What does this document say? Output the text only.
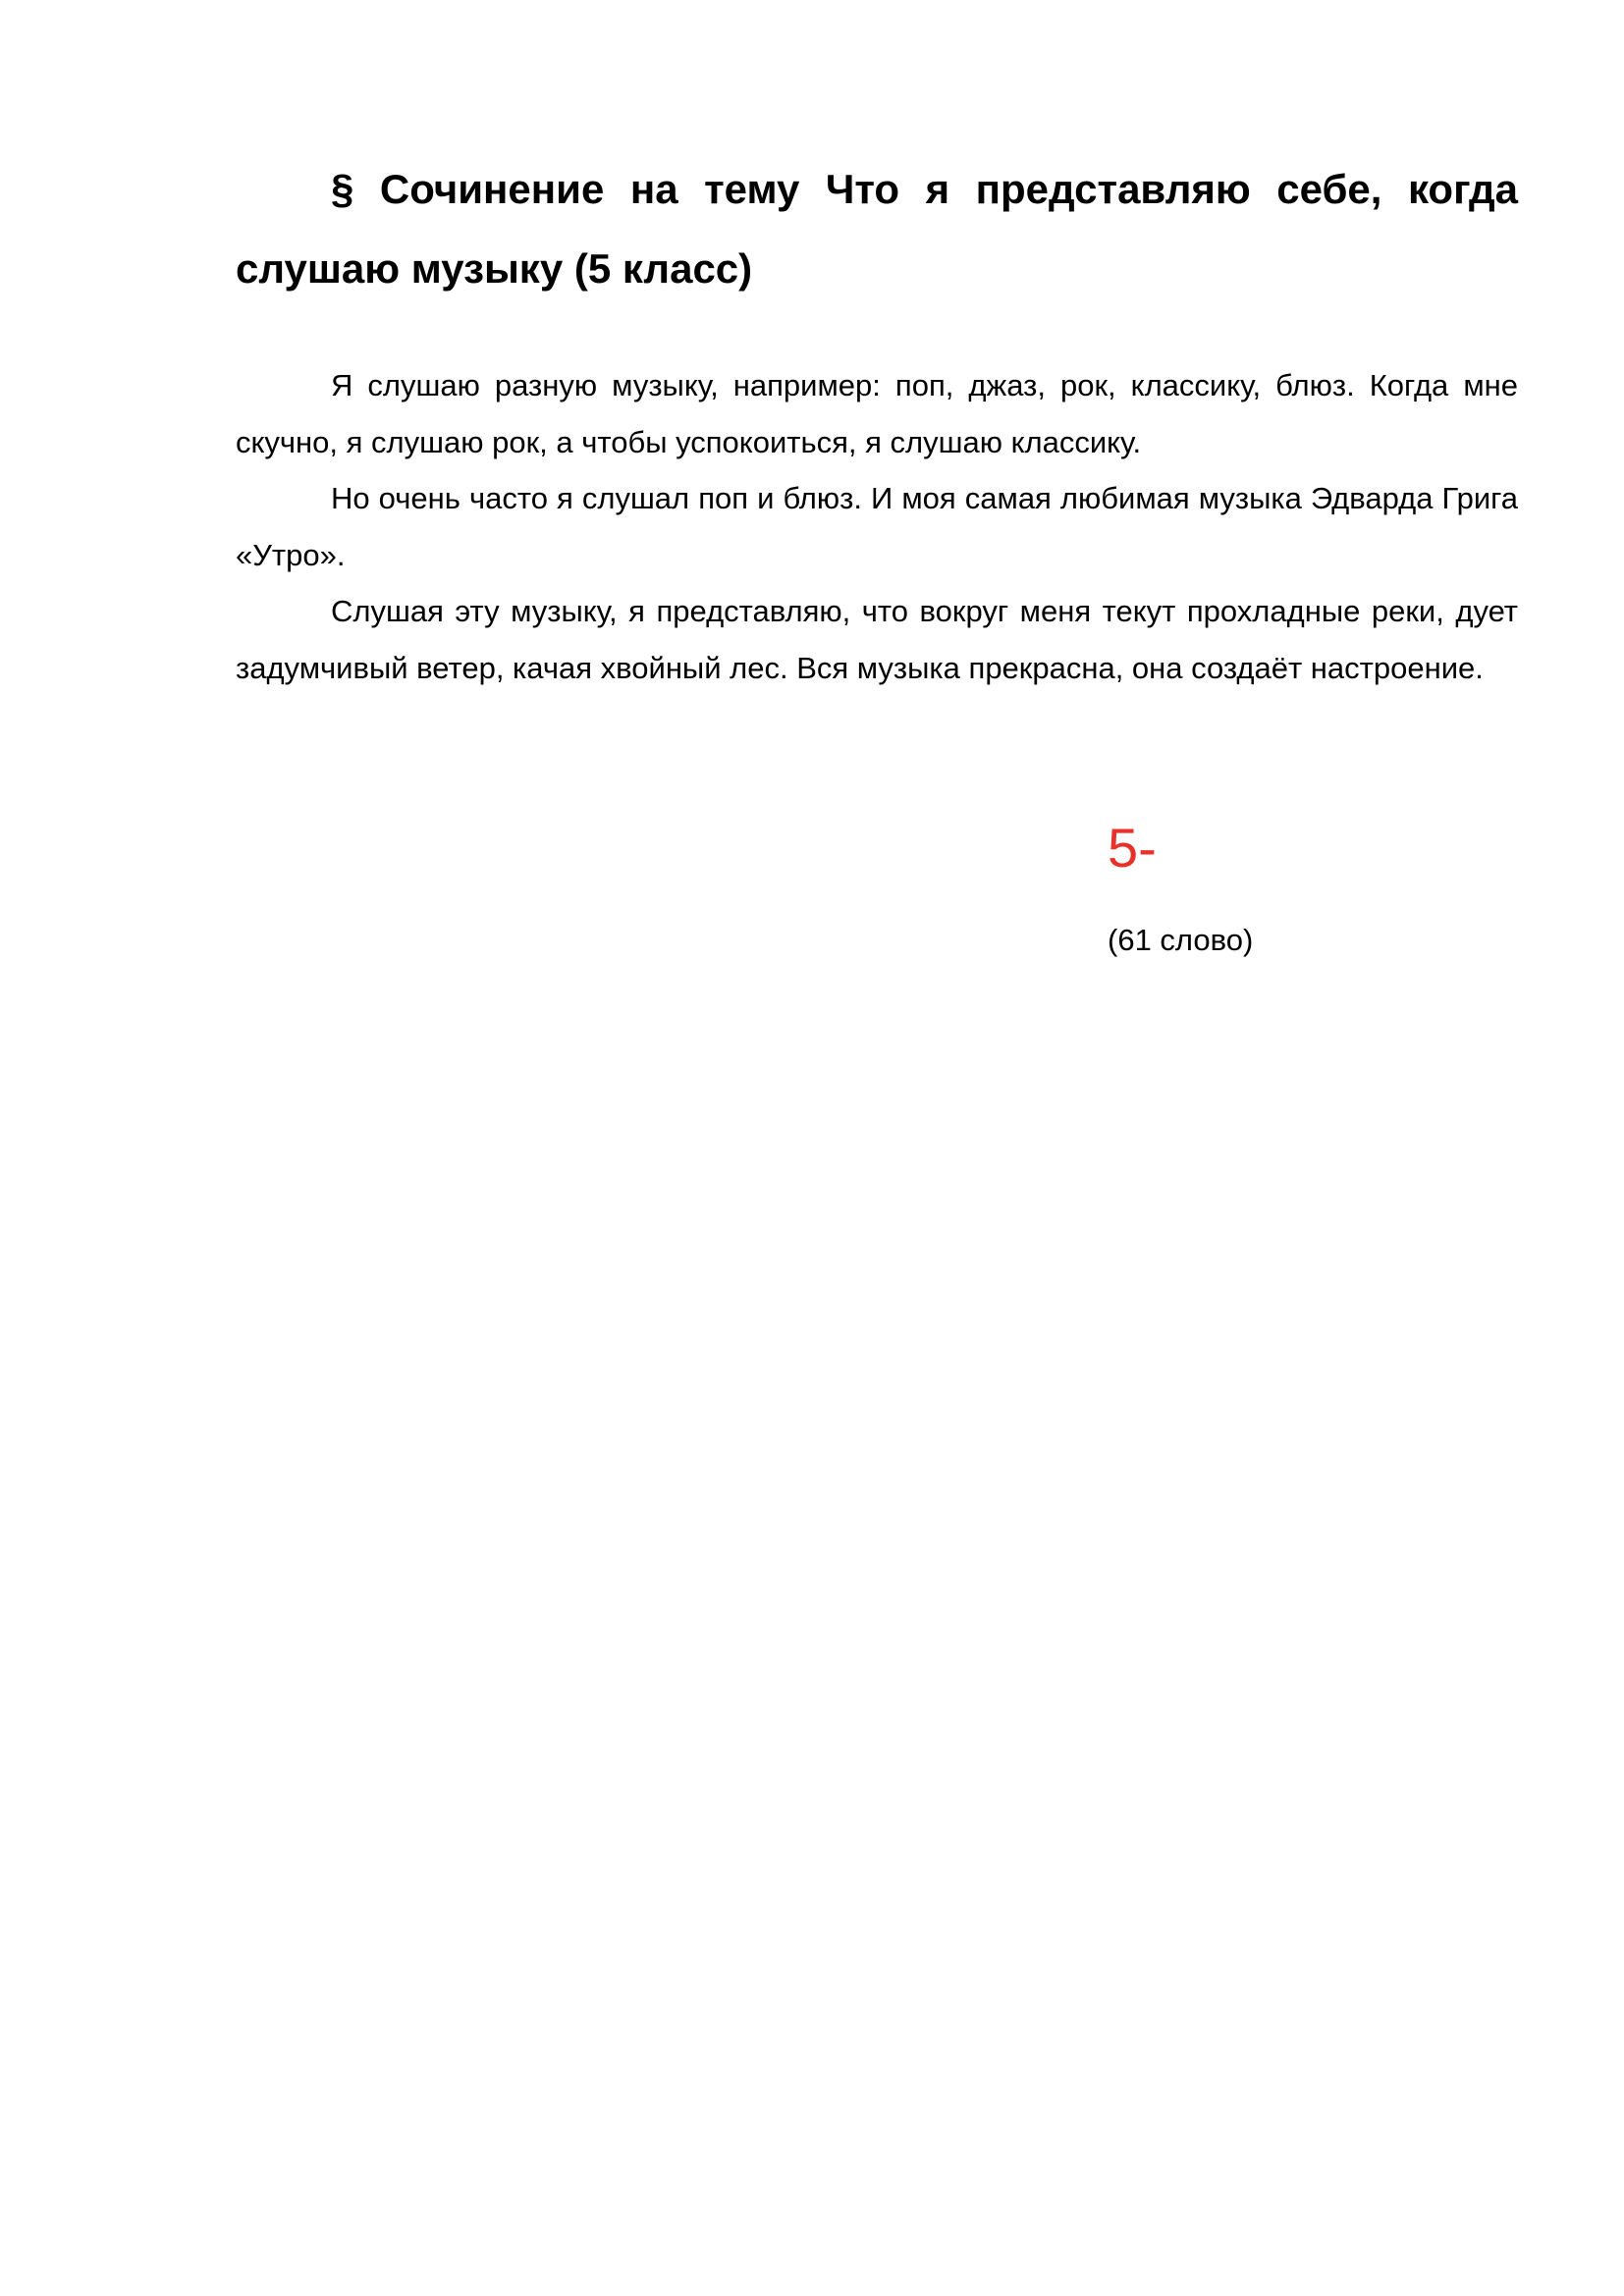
§ Сочинение на тему Что я представляю себе, когда слушаю музыку (5 класс)

Я слушаю разную музыку, например: поп, джаз, рок, классику, блюз. Когда мне скучно, я слушаю рок, а чтобы успокоиться, я слушаю классику.

Но очень часто я слушал поп и блюз. И моя самая любимая музыка Эдварда Грига «Утро».

Слушая эту музыку, я представляю, что вокруг меня текут прохладные реки, дует задумчивый ветер, качая хвойный лес. Вся музыка прекрасна, она создаёт настроение.

5-
(61 слово)
